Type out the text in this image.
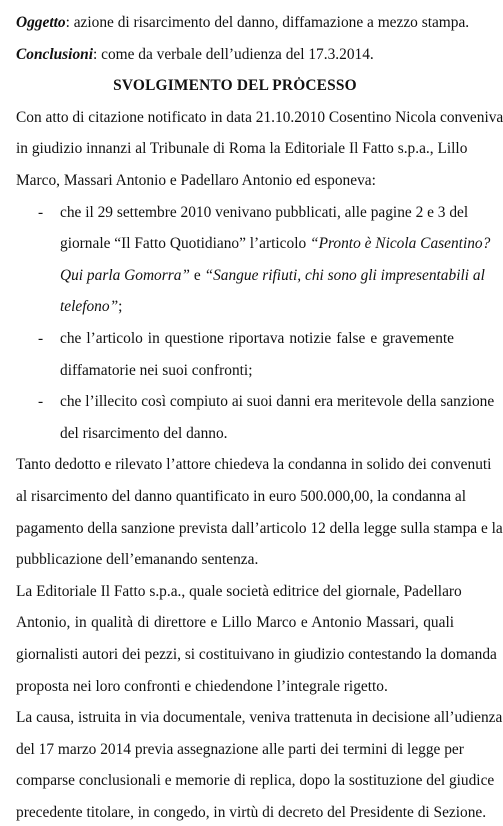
Oggetto: azione di risarcimento del danno, diffamazione a mezzo stampa.
Conclusioni: come da verbale dell’udienza del 17.3.2014.
SVOLGIMENTO DEL PROCESSO
Con atto di citazione notificato in data 21.10.2010 Cosentino Nicola conveniva
in giudizio innanzi al Tribunale di Roma la Editoriale Il Fatto s.p.a., Lillo
Marco, Massari Antonio e Padellaro Antonio ed esponeva:
- che il 29 settembre 2010 venivano pubblicati, alle pagine 2 e 3 del
giornale “Il Fatto Quotidiano” l’articolo “Pronto è Nicola Casentino?
Qui parla Gomorra” e “Sangue rifiuti, chi sono gli impresentabili al
telefono”;
- che l’articolo in questione riportava notizie false e gravemente
diffamatorie nei suoi confronti;
- che l’illecito così compiuto ai suoi danni era meritevole della sanzione
del risarcimento del danno.
Tanto dedotto e rilevato l’attore chiedeva la condanna in solido dei convenuti
al risarcimento del danno quantificato in euro 500.000,00, la condanna al
pagamento della sanzione prevista dall’articolo 12 della legge sulla stampa e la
pubblicazione dell’emanando sentenza.
La Editoriale Il Fatto s.p.a., quale società editrice del giornale, Padellaro
Antonio, in qualità di direttore e Lillo Marco e Antonio Massari, quali
giornalisti autori dei pezzi, si costituivano in giudizio contestando la domanda
proposta nei loro confronti e chiedendone l’integrale rigetto.
La causa, istruita in via documentale, veniva trattenuta in decisione all’udienza
del 17 marzo 2014 previa assegnazione alle parti dei termini di legge per
comparse conclusionali e memorie di replica, dopo la sostituzione del giudice
precedente titolare, in congedo, in virtù di decreto del Presidente di Sezione.
